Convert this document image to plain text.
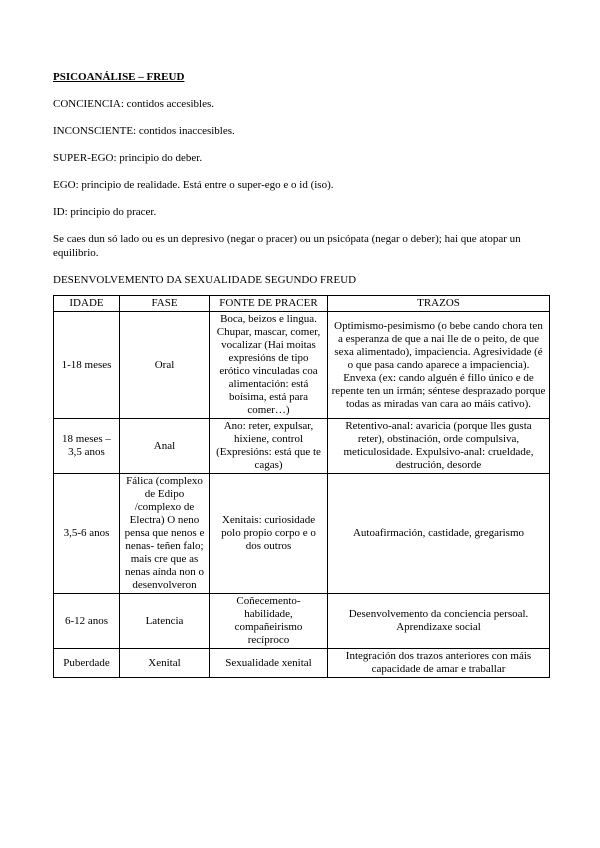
PSICOANÁLISE – FREUD

CONCIENCIA: contidos accesibles.

INCONSCIENTE: contidos inaccesibles.

SUPER-EGO: principio do deber.

EGO: principio de realidade. Está entre o super-ego e o id (iso).

ID: principio do pracer.

Se caes dun só lado ou es un depresivo (negar o pracer) ou un psicópata (negar o deber); hai que atopar un equilibrio.

DESENVOLVEMENTO DA SEXUALIDADE SEGUNDO FREUD
IDADE	FASE	FONTE DE PRACER	TRAZOS
1-18 meses	Oral	Boca, beizos e lingua. Chupar, mascar, comer, vocalizar (Hai moitas expresións de tipo erótico vinculadas coa alimentación: está boísima, está para comer…)	Optimismo-pesimismo (o bebe cando chora ten a esperanza de que a nai lle de o peito, de que sexa alimentado), impaciencia. Agresividade (é o que pasa cando aparece a impaciencia). Envexa (ex: cando alguén é fillo único e de repente ten un irmán; séntese desprazado porque todas as miradas van cara ao máis cativo).
18 meses – 3,5 anos	Anal	Ano: reter, expulsar, hixiene, control (Expresións: está que te cagas)	Retentivo-anal: avaricia (porque lles gusta reter), obstinación, orde compulsiva, meticulosidade. Expulsivo-anal: crueldade, destrución, desorde
3,5-6 anos	Fálica (complexo de Edipo /complexo de Electra) O neno pensa que nenos e nenas- teñen falo; mais cre que as nenas aínda non o desenvolveron	Xenitais: curiosidade polo propio corpo e o dos outros	Autoafirmación, castidade, gregarismo
6-12 anos	Latencia	Coñecemento-habilidade, compañeirismo recíproco	Desenvolvemento da conciencia persoal. Aprendizaxe social
Puberdade	Xenital	Sexualidade xenital	Integración dos trazos anteriores con máis capacidade de amar e traballar
